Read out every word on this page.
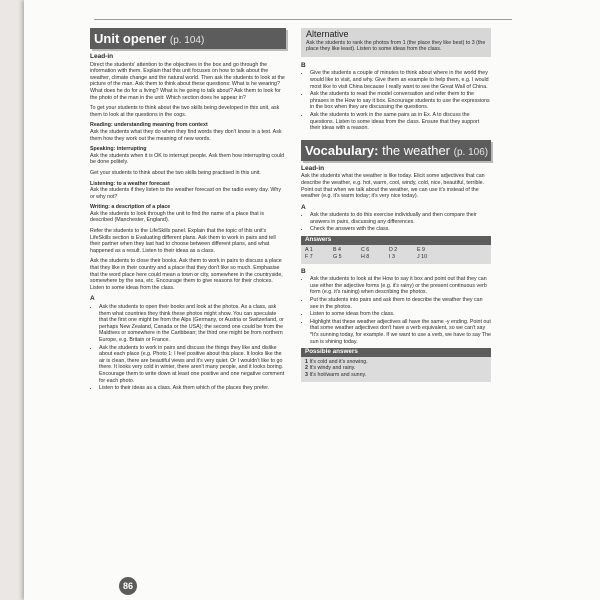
Unit opener (p. 104)
Lead-in

Direct the students' attention to the objectives in the box and go through the information with them. Explain that this unit focuses on how to talk about the weather, climate change and the natural world. Then ask the students to look at the picture of the man. Ask them to think about these questions: What is he wearing? What does he do for a living? What is he going to talk about? Ask them to look for the photo of the man in the unit: Which section does he appear in?

To get your students to think about the two skills being developed in this unit, ask them to look at the questions in the cogs.

Reading: understanding meaning from context
Ask the students what they do when they find words they don't know in a text. Ask them how they work out the meaning of new words.

Speaking: interrupting
Ask the students when it is OK to interrupt people. Ask them how interrupting could be done politely.

Get your students to think about the two skills being practised in this unit.

Listening: to a weather forecast
Ask the students if they listen to the weather forecast on the radio every day. Why or why not?

Writing: a description of a place
Ask the students to look through the unit to find the name of a place that is described (Manchester, England).

Refer the students to the LifeSkills panel. Explain that the topic of this unit's LifeSkills section is Evaluating different plans. Ask them to work in pairs and tell their partner when they last had to choose between different plans, and what happened as a result. Listen to their ideas as a class.

Ask the students to close their books. Ask them to work in pairs to discuss a place that they like in their country and a place that they don't like so much. Emphasise that the word place here could mean a town or city, somewhere in the countryside, somewhere by the sea, etc. Encourage them to give reasons for their choices. Listen to some ideas from the class.

A
• Ask the students to open their books and look at the photos. As a class, ask them what countries they think these photos might show. You can speculate that the first one might be from the Alps (Germany, or Austria or Switzerland, or perhaps New Zealand, Canada or the USA); the second one could be from the Maldives or somewhere in the Caribbean; the third one might be from northern Europe, e.g. Britain or France.
• Ask the students to work in pairs and discuss the things they like and dislike about each place (e.g. Photo 1: I feel positive about this place. It looks like the air is clean, there are beautiful views and it's very quiet. Or I wouldn't like to go there. It looks very cold in winter, there aren't many people, and it looks boring. Encourage them to write down at least one positive and one negative comment for each photo.
• Listen to their ideas as a class. Ask them which of the places they prefer.
Alternative

Ask the students to rank the photos from 1 (the place they like best) to 3 (the place they like least). Listen to some ideas from the class.

B
• Give the students a couple of minutes to think about where in the world they would like to visit, and why. Give them an example to help them, e.g. I would most like to visit China because I really want to see the Great Wall of China.
• Ask the students to read the model conversation and refer them to the phrases in the How to say it box. Encourage students to use the expressions in the box when they are discussing the questions.
• Ask the students to work in the same pairs as in Ex. A to discuss the questions. Listen to some ideas from the class. Ensure that they support their ideas with a reason.
Vocabulary: the weather (p. 106)
Lead-in

Ask the students what the weather is like today. Elicit some adjectives that can describe the weather, e.g. hot, warm, cool, windy, cold, nice, beautiful, terrible. Point out that when we talk about the weather, we can use it's instead of the weather (e.g. it's warm today; it's very nice today).

A
• Ask the students to do this exercise individually and then compare their answers in pairs, discussing any differences.
• Check the answers with the class.
Answers
A 1	B 4	C 6	D 2	E 9
F 7	G 5	H 8	I 3	J 10
B
• Ask the students to look at the How to say it box and point out that they can use either the adjective forms (e.g. it's rainy) or the present continuous verb form (e.g. it's raining) when describing the photos.
• Put the students into pairs and ask them to describe the weather they can see in the photos.
• Listen to some ideas from the class.
• Highlight that these weather adjectives all have the same -y ending. Point out that some weather adjectives don't have a verb equivalent, so we can't say *It's sunning today, for example. If we want to use a verb, we have to say The sun is shining today.
Possible answers
1 It's cold and it's snowing.
2 It's windy and rainy.
3 It's hot/warm and sunny.
86
